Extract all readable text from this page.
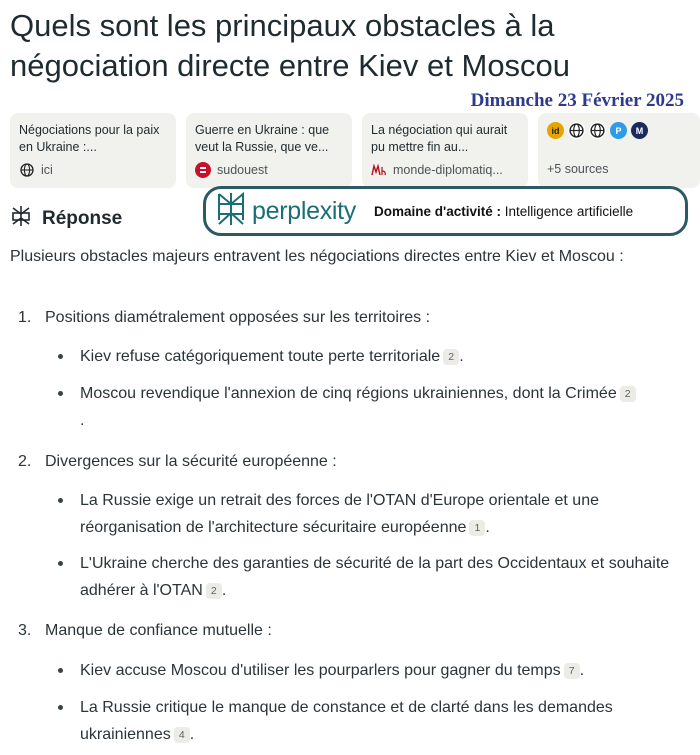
Quels sont les principaux obstacles à la négociation directe entre Kiev et Moscou
Dimanche 23 Février 2025
Négociations pour la paix en Ukraine :...
ici
Guerre en Ukraine : que veut la Russie, que ve...
sudouest
La négociation qui aurait pu mettre fin au...
monde-diplomatiq...
id	P	M
+5 sources
Réponse	perplexity Domaine d'activité : Intelligence artificielle
Plusieurs obstacles majeurs entravent les négociations directes entre Kiev et Moscou :
1. Positions diamétralement opposées sur les territoires :
Kiev refuse catégoriquement toute perte territoriale 2 .
Moscou revendique l'annexion de cinq régions ukrainiennes, dont la Crimée 2.
2. Divergences sur la sécurité européenne :
La Russie exige un retrait des forces de l'OTAN d'Europe orientale et une réorganisation de l'architecture sécuritaire européenne 1 .
L'Ukraine cherche des garanties de sécurité de la part des Occidentaux et souhaite adhérer à l'OTAN 2 .
3. Manque de confiance mutuelle :
Kiev accuse Moscou d'utiliser les pourparlers pour gagner du temps 7 .
La Russie critique le manque de constance et de clarté dans les demandes ukrainiennes 4 .
